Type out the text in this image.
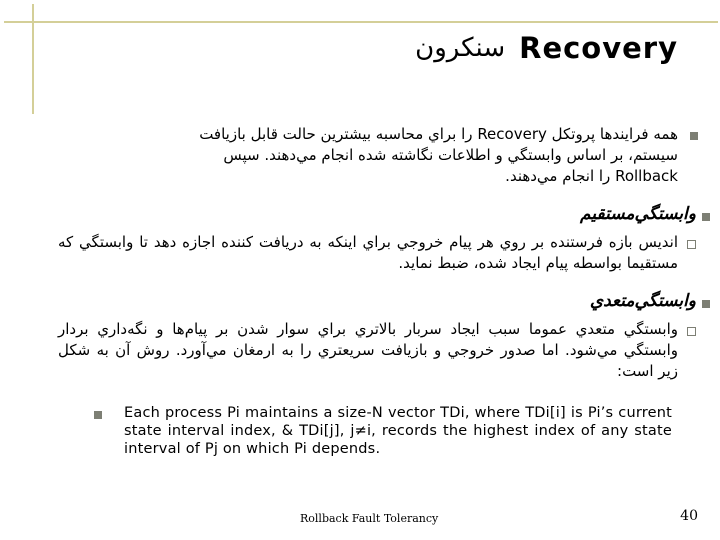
سنکرون Recovery
همه فرايندها پروتکل Recovery را براي محاسبه بيشترين حالت قابل بازيافت
سيستم، بر اساس وابستگي و اطلاعات نگاشته شده انجام مي‌دهند. سپس
Rollback را انجام مي‌دهند.
وابستگي‌مستقيم
انديس بازه فرستنده بر روي هر پيام خروجي براي اينکه به دريافت کننده اجازه دهد تا وابستگي که مستقيما بواسطه پيام ايجاد شده، ضبط نمايد.
وابستگي‌متعدي
وابستگي متعدي عموما سبب ايجاد سربار بالاتري براي سوار شدن بر پيام‌ها و نگه‌داري بردار وابستگي مي‌شود. اما صدور خروجي و بازيافت سريعتري را به ارمغان مي‌آورد. روش آن به شکل زير است:
Each process Pi maintains a size-N vector TDi, where TDi[i] is Pi’s current state interval index, & TDi[j], j≠i, records the highest index of any state interval of Pj on which Pi depends.
Rollback Fault Tolerancy	40
